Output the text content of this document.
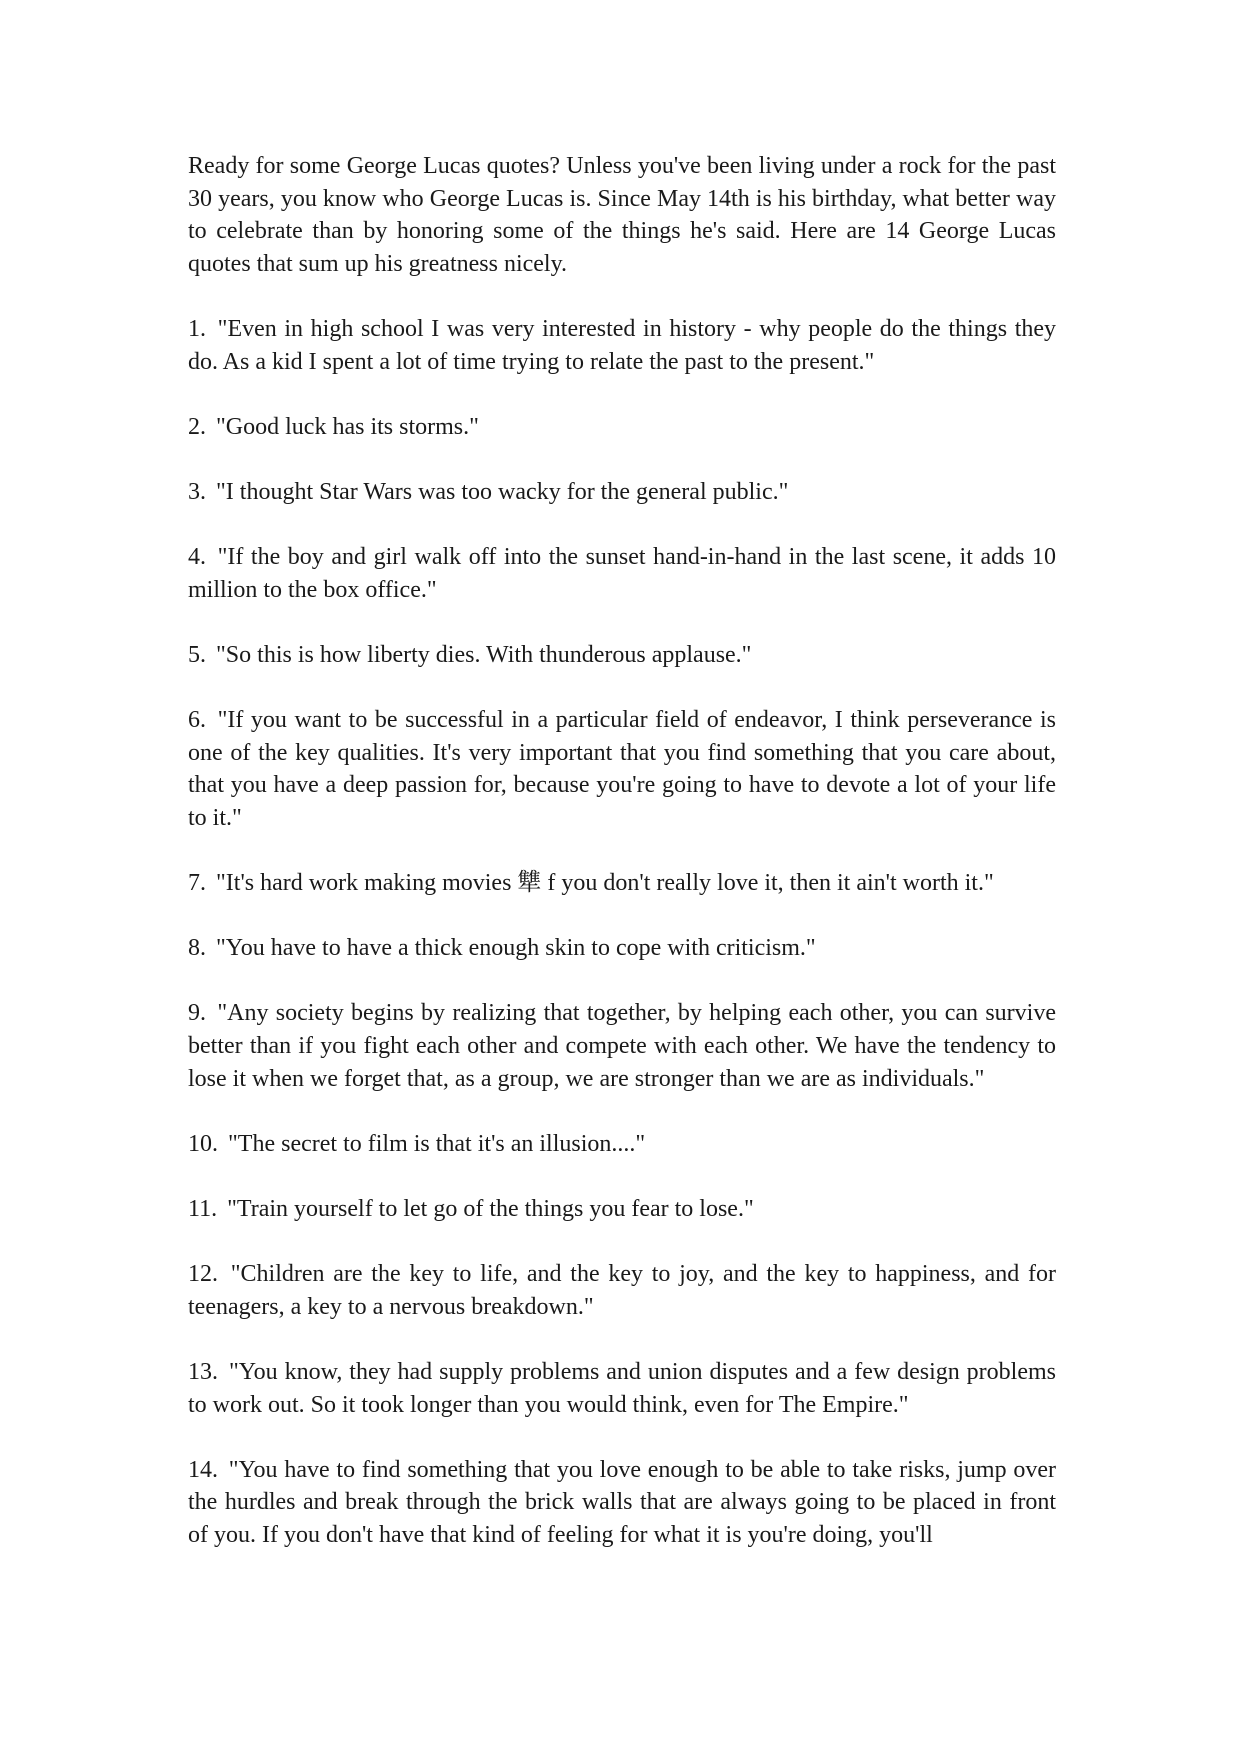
Ready for some George Lucas quotes? Unless you've been living under a rock for the past 30 years, you know who George Lucas is. Since May 14th is his birthday, what better way to celebrate than by honoring some of the things he's said. Here are 14 George Lucas quotes that sum up his greatness nicely.

1. "Even in high school I was very interested in history - why people do the things they do. As a kid I spent a lot of time trying to relate the past to the present."

2. "Good luck has its storms."

3. "I thought Star Wars was too wacky for the general public."

4. "If the boy and girl walk off into the sunset hand-in-hand in the last scene, it adds 10 million to the box office."

5. "So this is how liberty dies. With thunderous applause."

6. "If you want to be successful in a particular field of endeavor, I think perseverance is one of the key qualities. It's very important that you find something that you care about, that you have a deep passion for, because you're going to have to devote a lot of your life to it."

7. "It's hard work making movies 犨 f you don't really love it, then it ain't worth it."

8. "You have to have a thick enough skin to cope with criticism."

9. "Any society begins by realizing that together, by helping each other, you can survive better than if you fight each other and compete with each other. We have the tendency to lose it when we forget that, as a group, we are stronger than we are as individuals."

10. "The secret to film is that it's an illusion...."

11. "Train yourself to let go of the things you fear to lose."

12. "Children are the key to life, and the key to joy, and the key to happiness, and for teenagers, a key to a nervous breakdown."

13. "You know, they had supply problems and union disputes and a few design problems to work out. So it took longer than you would think, even for The Empire."

14. "You have to find something that you love enough to be able to take risks, jump over the hurdles and break through the brick walls that are always going to be placed in front of you. If you don't have that kind of feeling for what it is you're doing, you'll
